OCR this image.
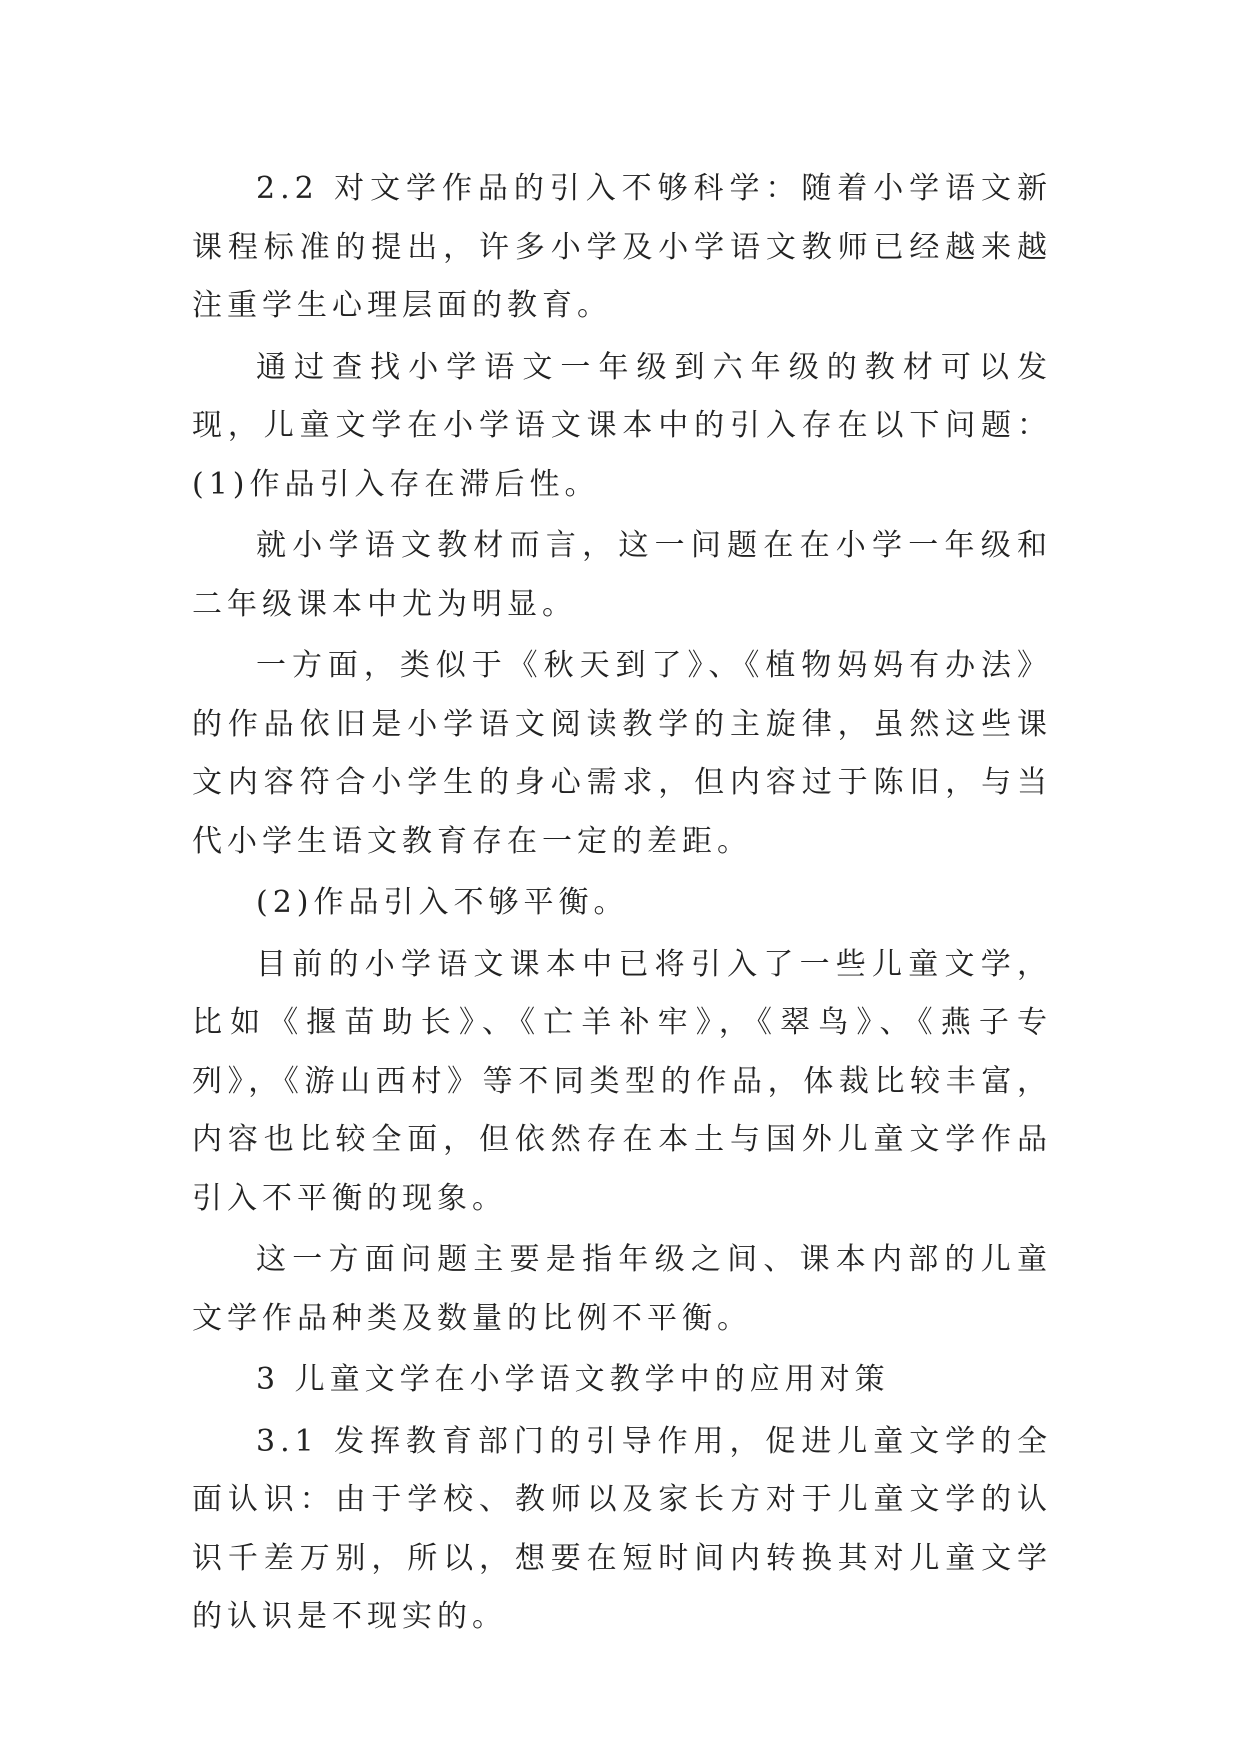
2.2 对文学作品的引入不够科学：随着小学语文新课程标准的提出，许多小学及小学语文教师已经越来越注重学生心理层面的教育。

通过查找小学语文一年级到六年级的教材可以发现，儿童文学在小学语文课本中的引入存在以下问题：(1)作品引入存在滞后性。

就小学语文教材而言，这一问题在在小学一年级和二年级课本中尤为明显。

一方面，类似于《秋天到了》、《植物妈妈有办法》的作品依旧是小学语文阅读教学的主旋律，虽然这些课文内容符合小学生的身心需求，但内容过于陈旧，与当代小学生语文教育存在一定的差距。

(2)作品引入不够平衡。

目前的小学语文课本中已将引入了一些儿童文学，比如《揠苗助长》、《亡羊补牢》，《翠鸟》、《燕子专列》，《游山西村》等不同类型的作品，体裁比较丰富，内容也比较全面，但依然存在本土与国外儿童文学作品引入不平衡的现象。

这一方面问题主要是指年级之间、课本内部的儿童文学作品种类及数量的比例不平衡。

3 儿童文学在小学语文教学中的应用对策

3.1 发挥教育部门的引导作用，促进儿童文学的全面认识：由于学校、教师以及家长方对于儿童文学的认识千差万别，所以，想要在短时间内转换其对儿童文学的认识是不现实的。
